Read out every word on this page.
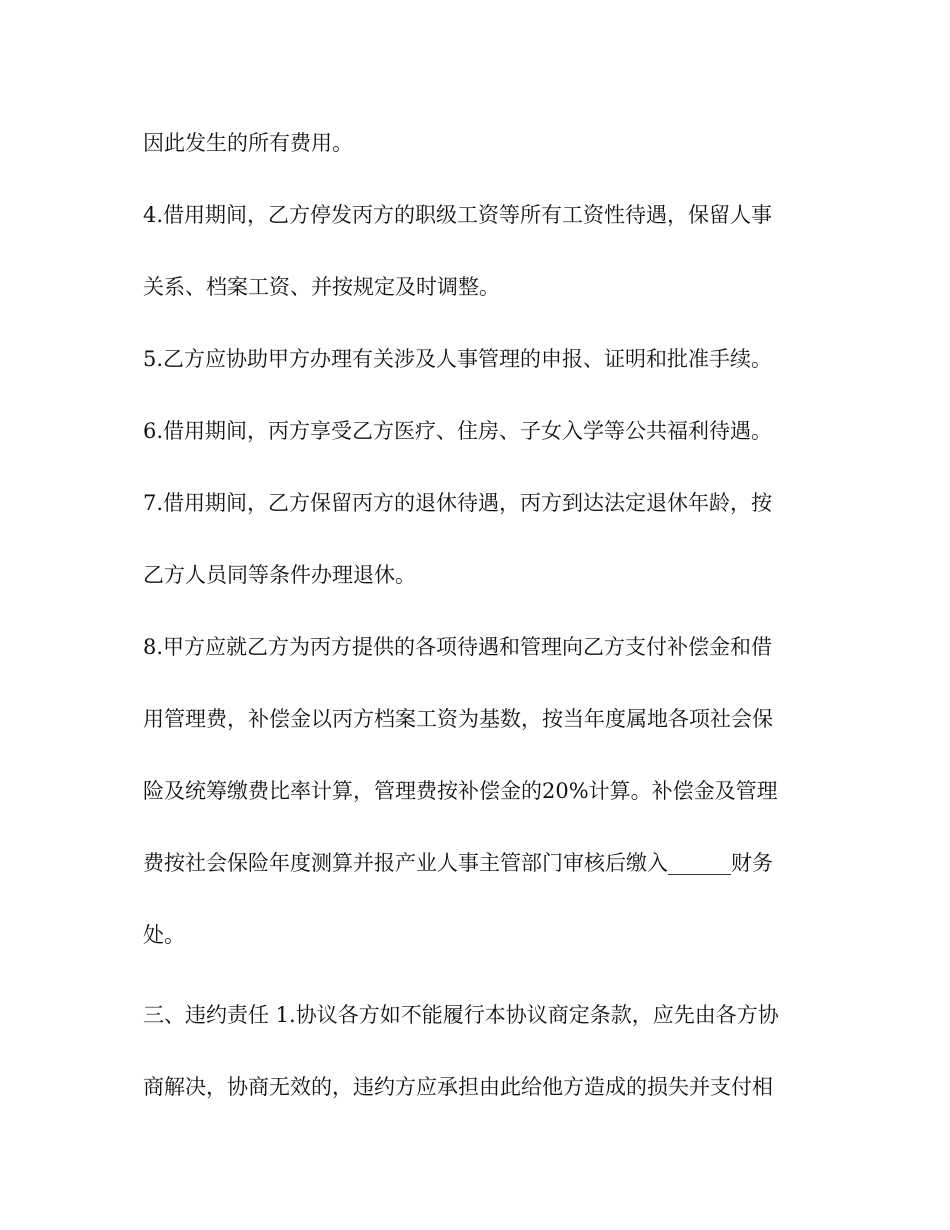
因此发生的所有费用。
4.借用期间，乙方停发丙方的职级工资等所有工资性待遇，保留人事
关系、档案工资、并按规定及时调整。
5.乙方应协助甲方办理有关涉及人事管理的申报、证明和批准手续。
6.借用期间，丙方享受乙方医疗、住房、子女入学等公共福利待遇。
7.借用期间，乙方保留丙方的退休待遇，丙方到达法定退休年龄，按
乙方人员同等条件办理退休。
8.甲方应就乙方为丙方提供的各项待遇和管理向乙方支付补偿金和借
用管理费，补偿金以丙方档案工资为基数，按当年度属地各项社会保
险及统筹缴费比率计算，管理费按补偿金的20%计算。补偿金及管理
费按社会保险年度测算并报产业人事主管部门审核后缴入______财务
处。
三、违约责任 1.协议各方如不能履行本协议商定条款，应先由各方协
商解决，协商无效的，违约方应承担由此给他方造成的损失并支付相
